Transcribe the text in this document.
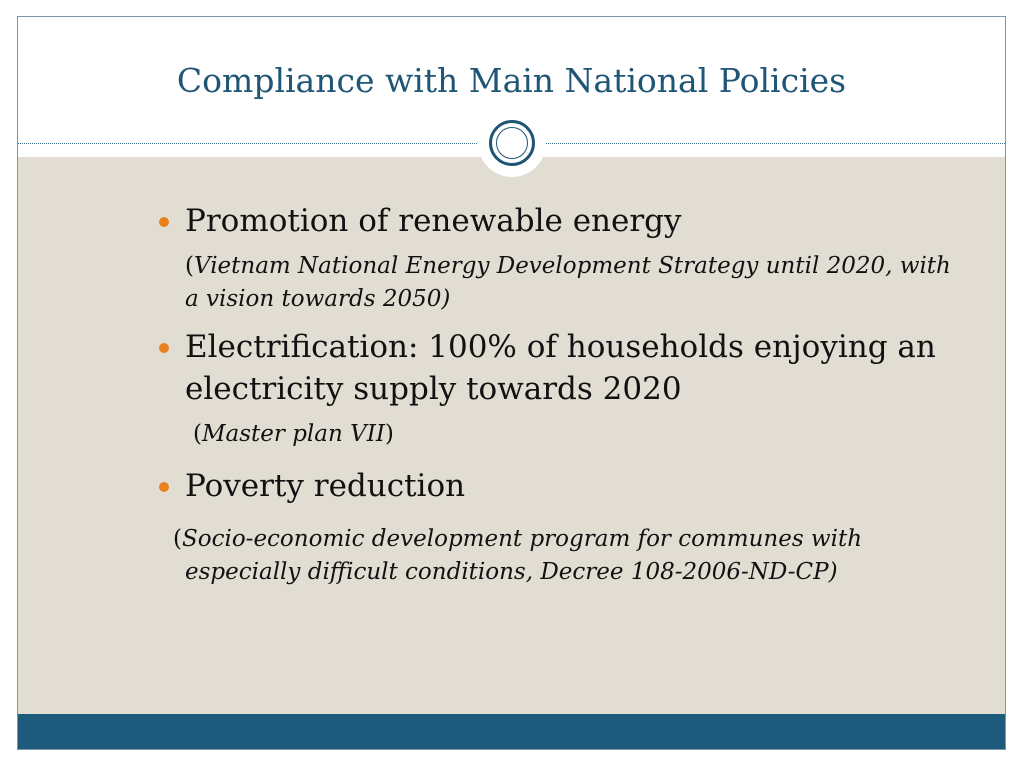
Compliance with Main National Policies
Promotion of renewable energy
(Vietnam National Energy Development Strategy until 2020, with a vision towards 2050)
Electrification: 100% of households enjoying an electricity supply towards 2020
(Master plan VII)
Poverty reduction
(Socio-economic development program for communes with especially difficult conditions, Decree 108-2006-ND-CP)
